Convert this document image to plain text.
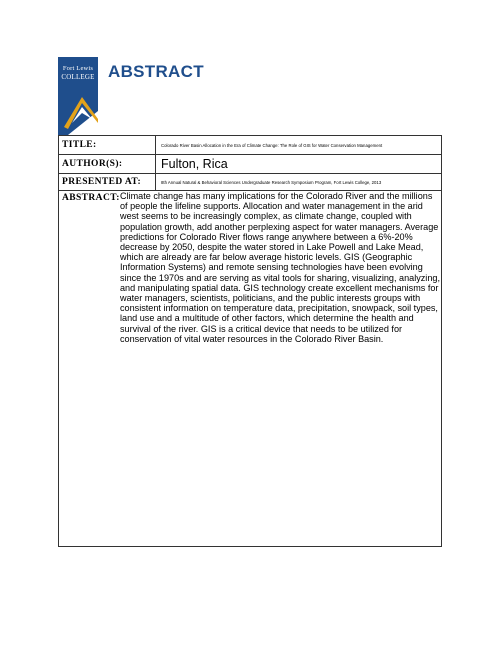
Fort Lewis
COLLEGE ABSTRACT
TITLE:	Colorado River Basin Allocation in the Era of Climate Change: The Role of GIS for Water Conservation Management
AUTHOR(S):	Fulton, Rica
PRESENTED AT:	8th Annual Natural & Behavioral Sciences Undergraduate Research Symposium Program, Fort Lewis College, 2013
ABSTRACT: Climate change has many implications for the Colorado River and the millions of people the lifeline supports. Allocation and water management in the arid west seems to be increasingly complex, as climate change, coupled with population growth, add another perplexing aspect for water managers. Average predictions for Colorado River flows range anywhere between a 6%-20% decrease by 2050, despite the water stored in Lake Powell and Lake Mead, which are already are far below average historic levels. GIS (Geographic Information Systems) and remote sensing technologies have been evolving since the 1970s and are serving as vital tools for sharing, visualizing, analyzing, and manipulating spatial data. GIS technology create excellent mechanisms for water managers, scientists, politicians, and the public interests groups with consistent information on temperature data, precipitation, snowpack, soil types, land use and a multitude of other factors, which determine the health and survival of the river. GIS is a critical device that needs to be utilized for conservation of vital water resources in the Colorado River Basin.
